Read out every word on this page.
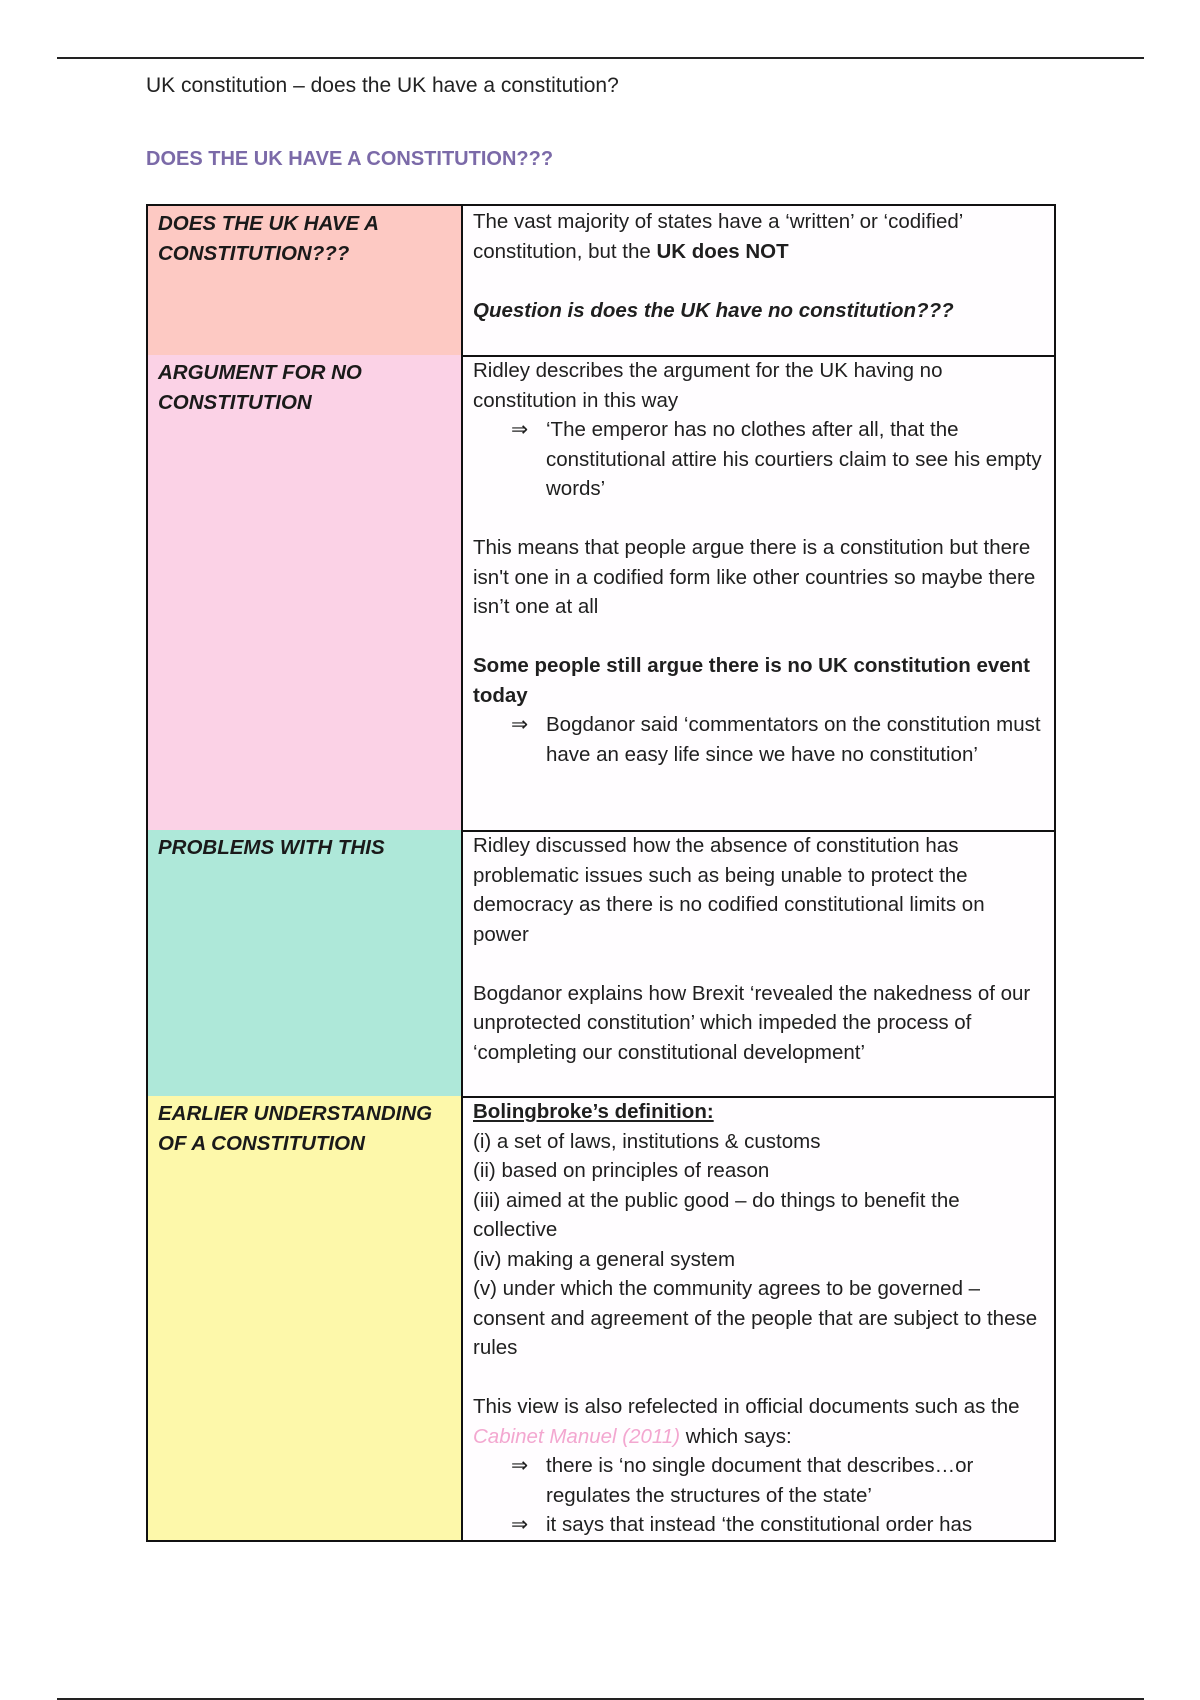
UK constitution – does the UK have a constitution?
DOES THE UK HAVE A CONSTITUTION???
DOES THE UK HAVE A CONSTITUTION???

The vast majority of states have a ‘written’ or ‘codified’ constitution, but the UK does NOT

Question is does the UK have no constitution???

ARGUMENT FOR NO CONSTITUTION

Ridley describes the argument for the UK having no constitution in this way

⇒ ‘The emperor has no clothes after all, that the constitutional attire his courtiers claim to see his empty words’

This means that people argue there is a constitution but there isn't one in a codified form like other countries so maybe there isn’t one at all

Some people still argue there is no UK constitution event today

⇒ Bogdanor said ‘commentators on the constitution must have an easy life since we have no constitution’
PROBLEMS WITH THIS	Ridley discussed how the absence of constitution has problematic issues such as being unable to protect the democracy as there is no codified constitutional limits on power

Bogdanor explains how Brexit ‘revealed the nakedness of our unprotected constitution’ which impeded the process of ‘completing our constitutional development’

EARLIER UNDERSTANDING OF A CONSTITUTION

Bolingbroke’s definition:

(i) a set of laws, institutions & customs

(ii) based on principles of reason

(iii) aimed at the public good – do things to benefit the collective

(iv) making a general system

(v) under which the community agrees to be governed – consent and agreement of the people that are subject to these rules

This view is also refelected in official documents such as the Cabinet Manuel (2011) which says:

⇒ there is ‘no single document that describes…or regulates the structures of the state’
⇒ it says that instead ‘the constitutional order has
